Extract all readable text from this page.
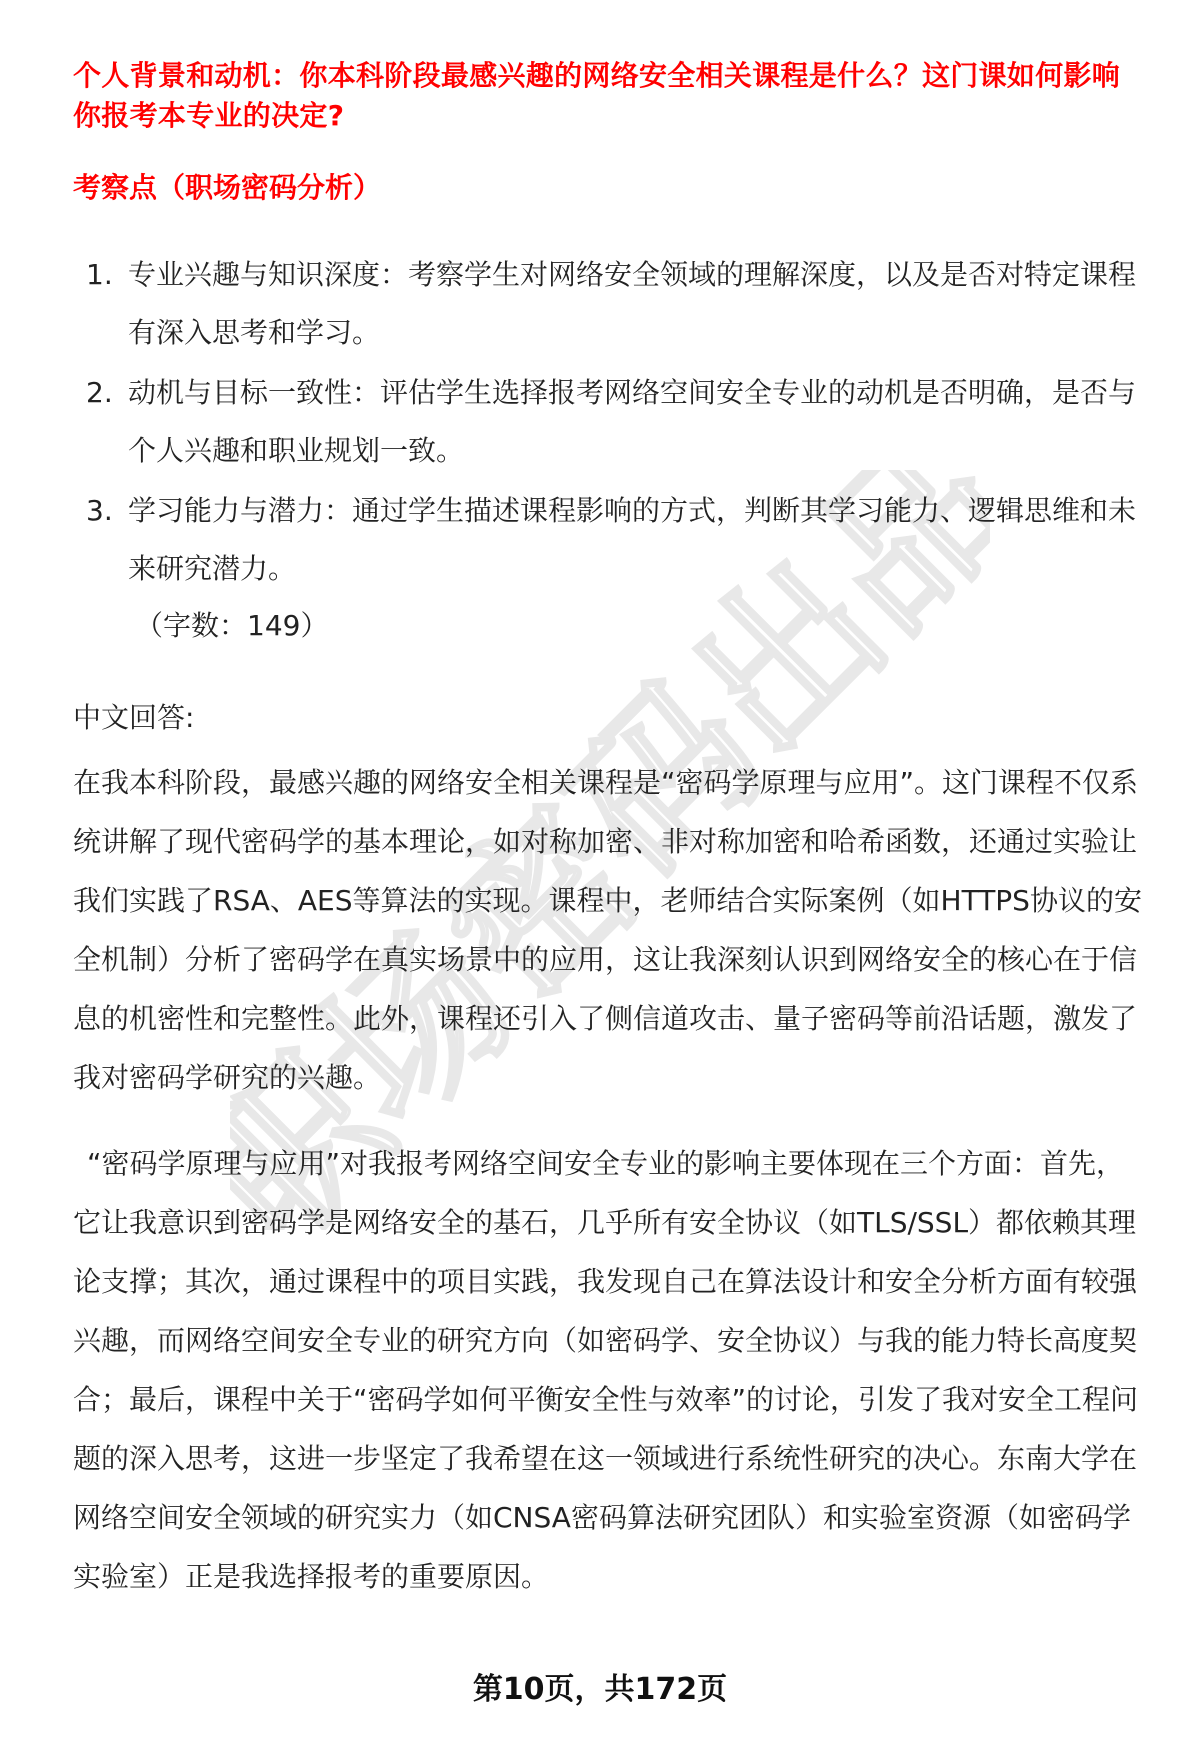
职场密码出品
个人背景和动机：你本科阶段最感兴趣的网络安全相关课程是什么？这门课如何影响你报考本专业的决定?
考察点（职场密码分析）
1. 专业兴趣与知识深度：考察学生对网络安全领域的理解深度，以及是否对特定课程有深入思考和学习。
2. 动机与目标一致性：评估学生选择报考网络空间安全专业的动机是否明确，是否与个人兴趣和职业规划一致。
3. 学习能力与潜力：通过学生描述课程影响的方式，判断其学习能力、逻辑思维和未来研究潜力。
（字数：149）
中文回答:

在我本科阶段，最感兴趣的网络安全相关课程是“密码学原理与应用”。这门课程不仅系统讲解了现代密码学的基本理论，如对称加密、非对称加密和哈希函数，还通过实验让我们实践了RSA、AES等算法的实现。课程中，老师结合实际案例（如HTTPS协议的安全机制）分析了密码学在真实场景中的应用，这让我深刻认识到网络安全的核心在于信息的机密性和完整性。此外，课程还引入了侧信道攻击、量子密码等前沿话题，激发了我对密码学研究的兴趣。

“密码学原理与应用”对我报考网络空间安全专业的影响主要体现在三个方面：首先，它让我意识到密码学是网络安全的基石，几乎所有安全协议（如TLS/SSL）都依赖其理论支撑；其次，通过课程中的项目实践，我发现自己在算法设计和安全分析方面有较强兴趣，而网络空间安全专业的研究方向（如密码学、安全协议）与我的能力特长高度契合；最后，课程中关于“密码学如何平衡安全性与效率”的讨论，引发了我对安全工程问题的深入思考，这进一步坚定了我希望在这一领域进行系统性研究的决心。东南大学在网络空间安全领域的研究实力（如CNSA密码算法研究团队）和实验室资源（如密码学实验室）正是我选择报考的重要原因。

第10页，共172页
